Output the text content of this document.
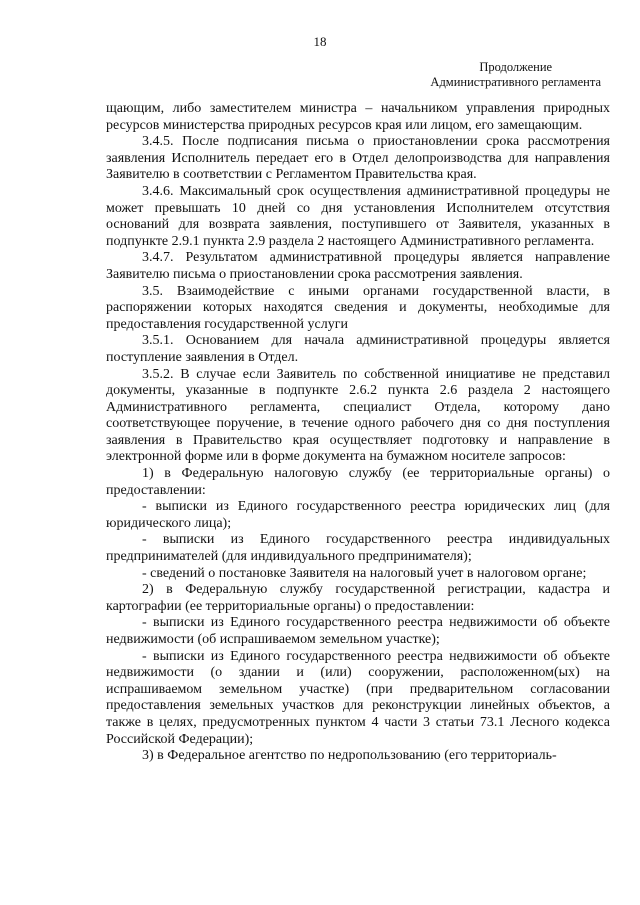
18
Продолжение
Административного регламента

щающим, либо заместителем министра – начальником управления природных ресурсов министерства природных ресурсов края или лицом, его замещающим.

3.4.5. После подписания письма о приостановлении срока рассмотрения заявления Исполнитель передает его в Отдел делопроизводства для направления Заявителю в соответствии с Регламентом Правительства края.

3.4.6. Максимальный срок осуществления административной процедуры не может превышать 10 дней со дня установления Исполнителем отсутствия оснований для возврата заявления, поступившего от Заявителя, указанных в подпункте 2.9.1 пункта 2.9 раздела 2 настоящего Административного регламента.

3.4.7. Результатом административной процедуры является направление Заявителю письма о приостановлении срока рассмотрения заявления.

3.5. Взаимодействие с иными органами государственной власти, в распоряжении которых находятся сведения и документы, необходимые для предоставления государственной услуги

3.5.1. Основанием для начала административной процедуры является поступление заявления в Отдел.

3.5.2. В случае если Заявитель по собственной инициативе не представил документы, указанные в подпункте 2.6.2 пункта 2.6 раздела 2 настоящего Административного регламента, специалист Отдела, которому дано соответствующее поручение, в течение одного рабочего дня со дня поступления заявления в Правительство края осуществляет подготовку и направление в электронной форме или в форме документа на бумажном носителе запросов:

1) в Федеральную налоговую службу (ее территориальные органы) о предоставлении:

- выписки из Единого государственного реестра юридических лиц (для юридического лица);

- выписки из Единого государственного реестра индивидуальных предпринимателей (для индивидуального предпринимателя);

- сведений о постановке Заявителя на налоговый учет в налоговом органе;

2) в Федеральную службу государственной регистрации, кадастра и картографии (ее территориальные органы) о предоставлении:

- выписки из Единого государственного реестра недвижимости об объекте недвижимости (об испрашиваемом земельном участке);

- выписки из Единого государственного реестра недвижимости об объекте недвижимости (о здании и (или) сооружении, расположенном(ых) на испрашиваемом земельном участке) (при предварительном согласовании предоставления земельных участков для реконструкции линейных объектов, а также в целях, предусмотренных пунктом 4 части 3 статьи 73.1 Лесного кодекса Российской Федерации);

3) в Федеральное агентство по недропользованию (его территориаль-
